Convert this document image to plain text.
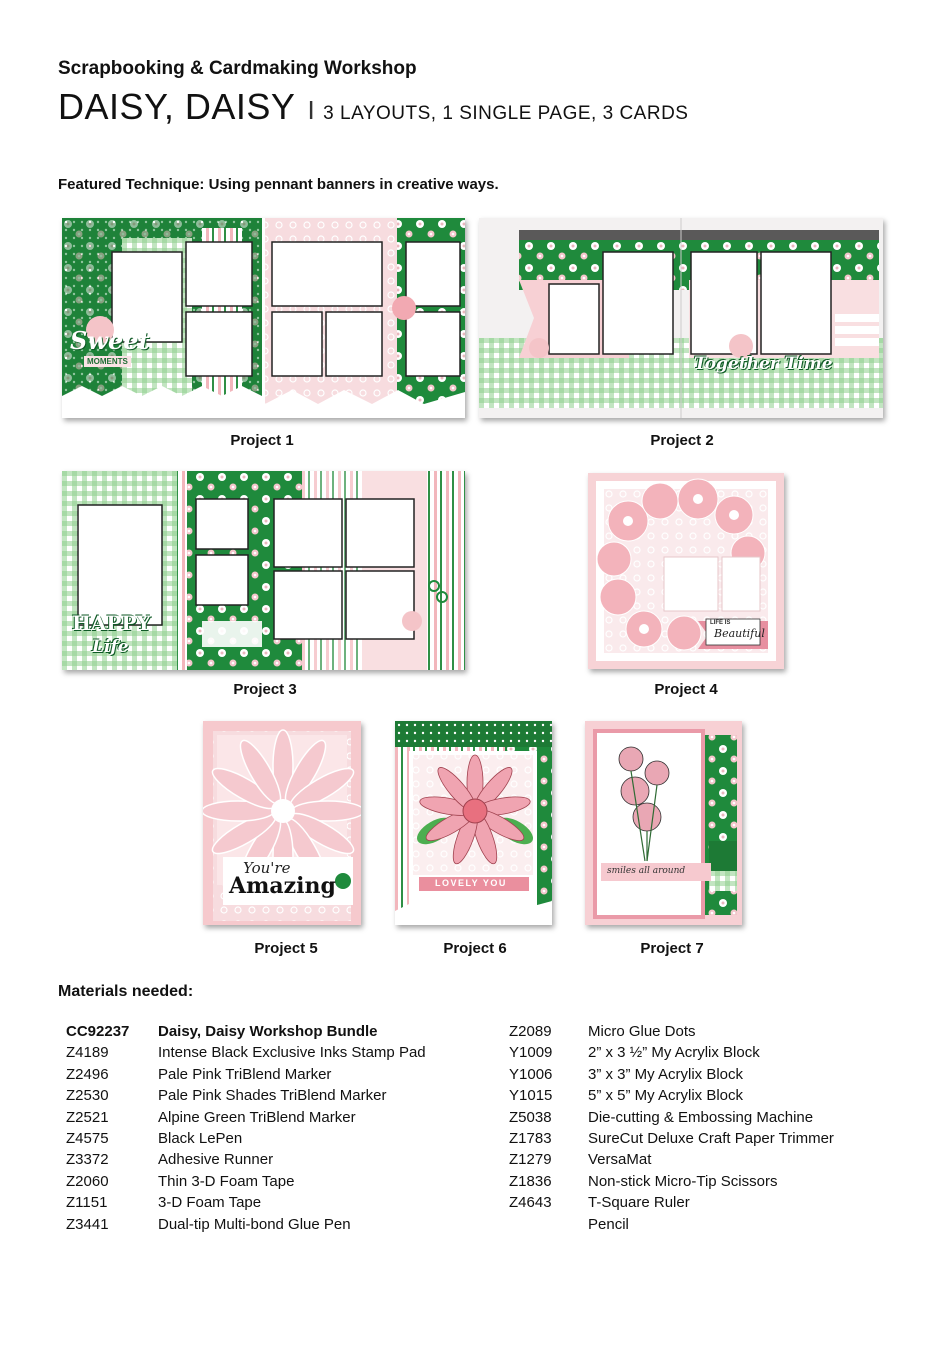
Scrapbooking & Cardmaking Workshop
DAISY, DAISY I 3 LAYOUTS, 1 SINGLE PAGE, 3 CARDS
Featured Technique: Using pennant banners in creative ways.
Sweet
MOMENTS
Project 1
Together Time
Project 2
HAPPY
Life
Project 3
LIFE IS
Beautiful
Project 4
You're
Amazing
Project 5
LOVELY YOU
Project 6
smiles all around
Project 7
Materials needed:
CC92237	Daisy, Daisy Workshop Bundle
Z4189	Intense Black Exclusive Inks Stamp Pad
Z2496	Pale Pink TriBlend Marker
Z2530	Pale Pink Shades TriBlend Marker
Z2521	Alpine Green TriBlend Marker
Z4575	Black LePen
Z3372	Adhesive Runner
Z2060	Thin 3-D Foam Tape
Z1151	3-D Foam Tape
Z3441	Dual-tip Multi-bond Glue Pen
Z2089	Micro Glue Dots
Y1009	2” x 3 ½” My Acrylix Block
Y1006	3” x 3” My Acrylix Block
Y1015	5” x 5” My Acrylix Block
Z5038	Die-cutting & Embossing Machine
Z1783	SureCut Deluxe Craft Paper Trimmer
Z1279	VersaMat
Z1836	Non-stick Micro-Tip Scissors
Z4643	T-Square Ruler
Pencil
